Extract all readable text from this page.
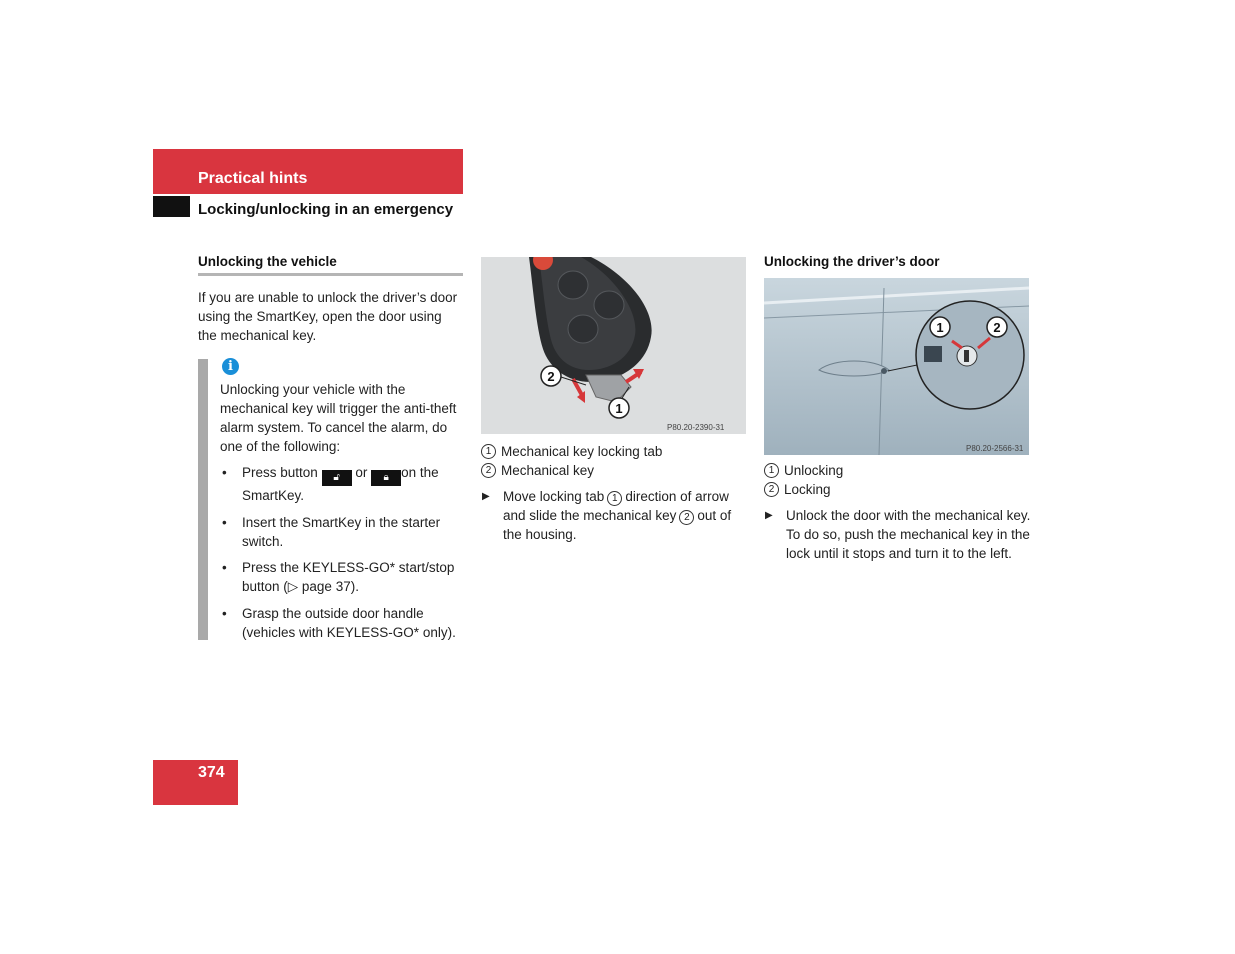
Practical hints
Locking/unlocking in an emergency
Unlocking the vehicle
If you are unable to unlock the driver’s door using the SmartKey, open the door using the mechanical key.
i
Unlocking your vehicle with the mechanical key will trigger the anti-theft alarm system. To cancel the alarm, do one of the following:
• Press button 🔓︎ or 🔒︎ on the SmartKey.
• Insert the SmartKey in the starter switch.
• Press the KEYLESS-GO* start/stop button (▷ page 37).
• Grasp the outside door handle (vehicles with KEYLESS-GO* only).
2
1
P80.20-2390-31
1 Mechanical key locking tab
2 Mechanical key
▶ Move locking tab 1 direction of arrow and slide the mechanical key 2 out of the housing.
Unlocking the driver’s door
1	2
P80.20-2566-31
1 Unlocking
2 Locking
▶ Unlock the door with the mechanical key. To do so, push the mechanical key in the lock until it stops and turn it to the left.
374
